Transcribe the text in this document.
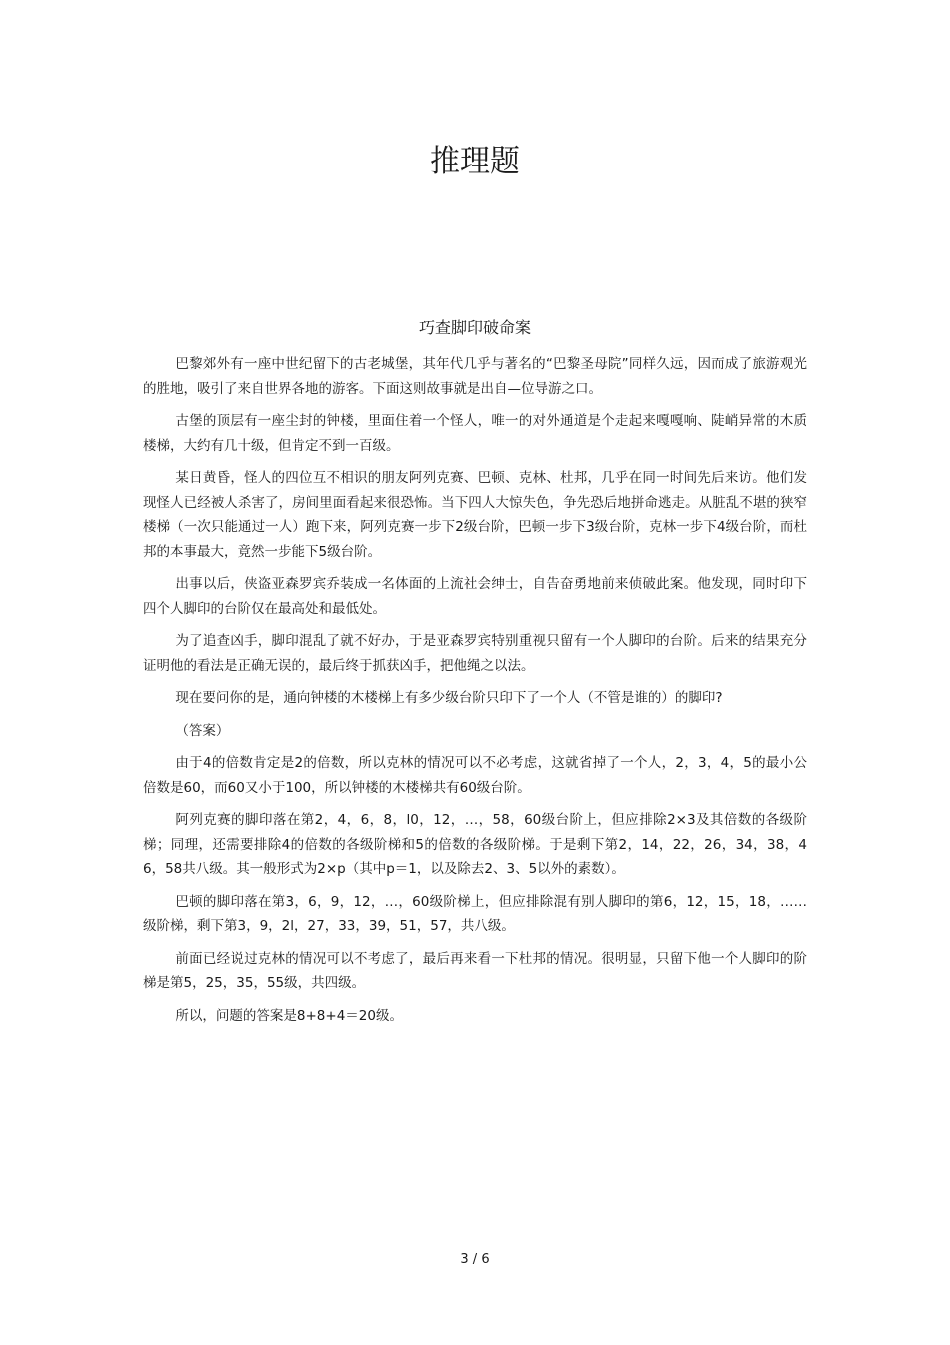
推理题
巧查脚印破命案

巴黎郊外有一座中世纪留下的古老城堡，其年代几乎与著名的“巴黎圣母院”同样久远，因而成了旅游观光的胜地，吸引了来自世界各地的游客。下面这则故事就是出自—位导游之口。

古堡的顶层有一座尘封的钟楼，里面住着一个怪人，唯一的对外通道是个走起来嘎嘎响、陡峭异常的木质楼梯，大约有几十级，但肯定不到一百级。

某日黄昏，怪人的四位互不相识的朋友阿列克赛、巴顿、克林、杜邦，几乎在同一时间先后来访。他们发现怪人已经被人杀害了，房间里面看起来很恐怖。当下四人大惊失色，争先恐后地拼命逃走。从脏乱不堪的狭窄楼梯（一次只能通过一人）跑下来，阿列克赛一步下2级台阶，巴顿一步下3级台阶，克林一步下4级台阶，而杜邦的本事最大，竟然一步能下5级台阶。

出事以后，侠盗亚森罗宾乔装成一名体面的上流社会绅士，自告奋勇地前来侦破此案。他发现，同时印下四个人脚印的台阶仅在最高处和最低处。

为了追查凶手，脚印混乱了就不好办，于是亚森罗宾特别重视只留有一个人脚印的台阶。后来的结果充分证明他的看法是正确无误的，最后终于抓获凶手，把他绳之以法。

现在要问你的是，通向钟楼的木楼梯上有多少级台阶只印下了一个人（不管是谁的）的脚印?

（答案）

由于4的倍数肯定是2的倍数，所以克林的情况可以不必考虑，这就省掉了一个人，2，3，4，5的最小公倍数是60，而60又小于100，所以钟楼的木楼梯共有60级台阶。

阿列克赛的脚印落在第2，4，6，8，l0，12，…，58，60级台阶上，但应排除2×3及其倍数的各级阶梯；同理，还需要排除4的倍数的各级阶梯和5的倍数的各级阶梯。于是剩下第2，14，22，26，34，38，46，58共八级。其一般形式为2×p（其中p＝1，以及除去2、3、5以外的素数）。

巴顿的脚印落在第3，6，9，12，…，60级阶梯上，但应排除混有别人脚印的第6，12，15，18，……级阶梯，剩下第3，9，2l，27，33，39，51，57，共八级。

前面已经说过克林的情况可以不考虑了，最后再来看一下杜邦的情况。很明显，只留下他一个人脚印的阶梯是第5，25，35，55级，共四级。

所以，问题的答案是8+8+4＝20级。

3 / 6
